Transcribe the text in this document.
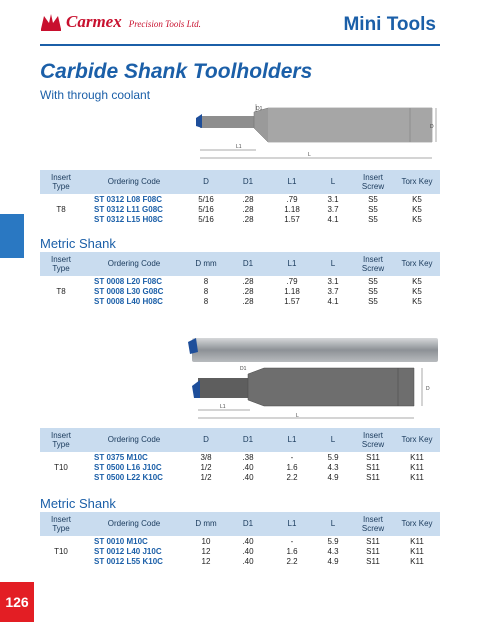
Carmex Precision Tools Ltd.	Mini Tools
Carbide Shank Toolholders
With through coolant
D1
L1
L
D
Insert Type	Ordering Code	D	D1	L1	L	Insert Screw	Torx Key
T8	ST 0312 L08 F08C	5/16	.28	.79	3.1	S5	K5
	ST 0312 L11 G08C	5/16	.28	1.18	3.7	S5	K5
	ST 0312 L15 H08C	5/16	.28	1.57	4.1	S5	K5
Metric Shank
Insert Type	Ordering Code	D mm	D1	L1	L	Insert Screw	Torx Key
T8	ST 0008 L20 F08C	8	.28	.79	3.1	S5	K5
	ST 0008 L30 G08C	8	.28	1.18	3.7	S5	K5
	ST 0008 L40 H08C	8	.28	1.57	4.1	S5	K5
D1
L1
L
D
Insert Type	Ordering Code	D	D1	L1	L	Insert Screw	Torx Key
T10	ST 0375 M10C	3/8	.38	-	5.9	S11	K11
	ST 0500 L16 J10C	1/2	.40	1.6	4.3	S11	K11
	ST 0500 L22 K10C	1/2	.40	2.2	4.9	S11	K11
Metric Shank
Insert Type	Ordering Code	D mm	D1	L1	L	Insert Screw	Torx Key
T10	ST 0010 M10C	10	.40	-	5.9	S11	K11
	ST 0012 L40 J10C	12	.40	1.6	4.3	S11	K11
	ST 0012 L55 K10C	12	.40	2.2	4.9	S11	K11
126
